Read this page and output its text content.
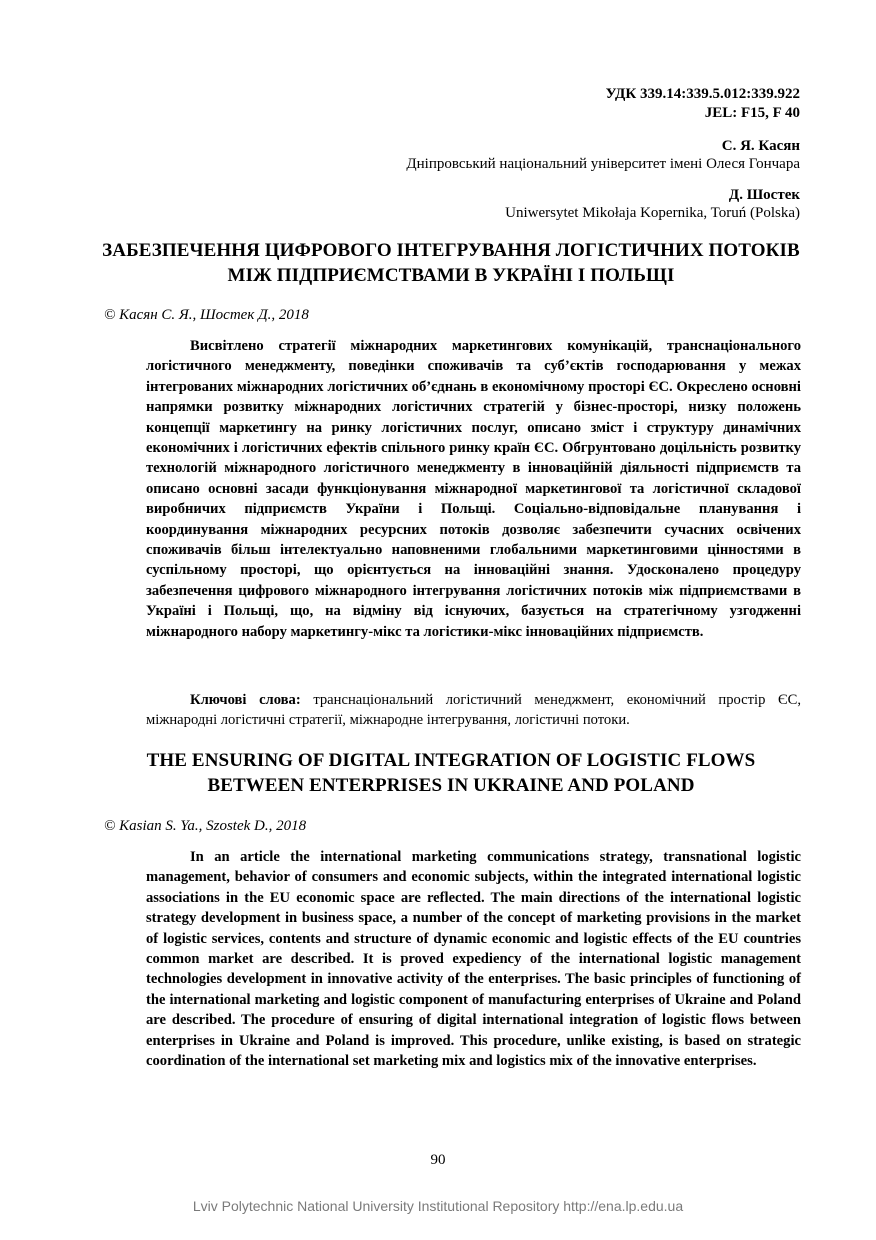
УДК 339.14:339.5.012:339.922
JEL: F15, F 40
С. Я. Касян
Дніпровський національний університет імені Олеся Гончара
Д. Шостек
Uniwersytet Mikołaja Kopernika, Toruń (Polska)
ЗАБЕЗПЕЧЕННЯ ЦИФРОВОГО ІНТЕГРУВАННЯ ЛОГІСТИЧНИХ ПОТОКІВ МІЖ ПІДПРИЄМСТВАМИ В УКРАЇНІ І ПОЛЬЩІ
© Касян С. Я., Шостек Д., 2018

Висвітлено стратегії міжнародних маркетингових комунікацій, транснаціонального логістичного менеджменту, поведінки споживачів та суб’єктів господарювання у межах інтегрованих міжнародних логістичних об’єднань в економічному просторі ЄС. Окреслено основні напрямки розвитку міжнародних логістичних стратегій у бізнес-просторі, низку положень концепції маркетингу на ринку логістичних послуг, описано зміст і структуру динамічних економічних і логістичних ефектів спільного ринку країн ЄС. Обгрунтовано доцільність розвитку технологій міжнародного логістичного менеджменту в інноваційній діяльності підприємств та описано основні засади функціонування міжнародної маркетингової та логістичної складової виробничих підприємств України і Польщі. Соціально-відповідальне планування і координування міжнародних ресурсних потоків дозволяє забезпечити сучасних освічених споживачів більш інтелектуально наповненими глобальними маркетинговими цінностями в суспільному просторі, що орієнтується на інноваційні знання. Удосконалено процедуру забезпечення цифрового міжнародного інтегрування логістичних потоків між підприємствами в Україні і Польщі, що, на відміну від існуючих, базується на стратегічному узгодженні міжнародного набору маркетингу-мікс та логістики-мікс інноваційних підприємств.

Ключові слова: транснаціональний логістичний менеджмент, економічний простір ЄС, міжнародні логістичні стратегії, міжнародне інтегрування, логістичні потоки.

THE ENSURING OF DIGITAL INTEGRATION OF LOGISTIC FLOWS BETWEEN ENTERPRISES IN UKRAINE AND POLAND
© Kasian S. Ya., Szostek D., 2018

In an article the international marketing communications strategy, transnational logistic management, behavior of consumers and economic subjects, within the integrated international logistic associations in the EU economic space are reflected. The main directions of the international logistic strategy development in business space, a number of the concept of marketing provisions in the market of logistic services, contents and structure of dynamic economic and logistic effects of the EU countries common market are described. It is proved expediency of the international logistic management technologies development in innovative activity of the enterprises. The basic principles of functioning of the international marketing and logistic component of manufacturing enterprises of Ukraine and Poland are described. The procedure of ensuring of digital international integration of logistic flows between enterprises in Ukraine and Poland is improved. This procedure, unlike existing, is based on strategic coordination of the international set marketing mix and logistics mix of the innovative enterprises.

90
Lviv Polytechnic National University Institutional Repository http://ena.lp.edu.ua
